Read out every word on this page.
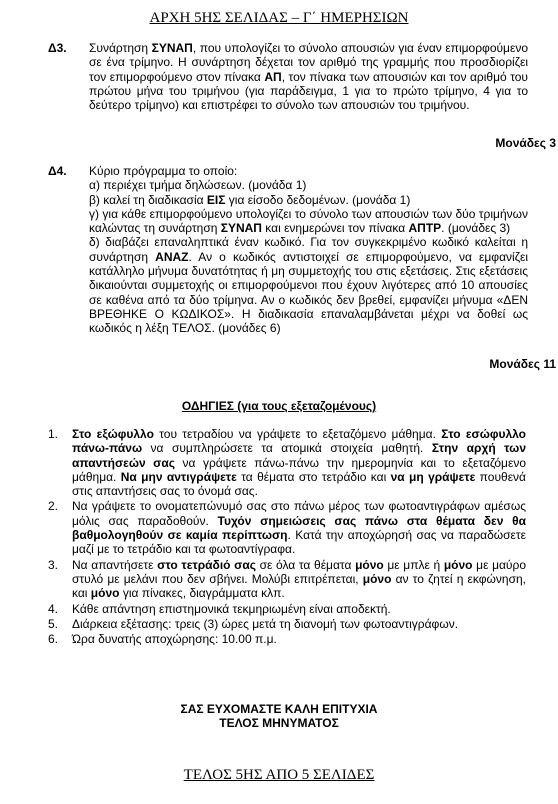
ΑΡΧΗ 5ΗΣ ΣΕΛΙΔΑΣ – Γ΄ ΗΜΕΡΗΣΙΩΝ
Δ3. Συνάρτηση ΣΥΝΑΠ, που υπολογίζει το σύνολο απουσιών για έναν επιμορφούμενο σε ένα τρίμηνο. Η συνάρτηση δέχεται τον αριθμό της γραμμής που προσδιορίζει τον επιμορφούμενο στον πίνακα ΑΠ, τον πίνακα των απουσιών και τον αριθμό του πρώτου μήνα του τριμήνου (για παράδειγμα, 1 για το πρώτο τρίμηνο, 4 για το δεύτερο τρίμηνο) και επιστρέφει το σύνολο των απουσιών του τριμήνου.

Μονάδες 3
Δ4. Κύριο πρόγραμμα το οποίο:

α) περιέχει τμήμα δηλώσεων. (μονάδα 1)

β) καλεί τη διαδικασία ΕΙΣ για είσοδο δεδομένων. (μονάδα 1)

γ) για κάθε επιμορφούμενο υπολογίζει το σύνολο των απουσιών των δύο τριμήνων καλώντας τη συνάρτηση ΣΥΝΑΠ και ενημερώνει τον πίνακα ΑΠΤΡ. (μονάδες 3)

δ) διαβάζει επαναληπτικά έναν κωδικό. Για τον συγκεκριμένο κωδικό καλείται η συνάρτηση ΑΝΑΖ. Αν ο κωδικός αντιστοιχεί σε επιμορφούμενο, να εμφανίζει κατάλληλο μήνυμα δυνατότητας ή μη συμμετοχής του στις εξετάσεις. Στις εξετάσεις δικαιούνται συμμετοχής οι επιμορφούμενοι που έχουν λιγότερες από 10 απουσίες σε καθένα από τα δύο τρίμηνα. Αν ο κωδικός δεν βρεθεί, εμφανίζει μήνυμα «ΔΕΝ ΒΡΕΘΗΚΕ Ο ΚΩΔΙΚΟΣ». Η διαδικασία επαναλαμβάνεται μέχρι να δοθεί ως κωδικός η λέξη ΤΕΛΟΣ. (μονάδες 6)

Μονάδες 11
ΟΔΗΓΙΕΣ (για τους εξεταζομένους)
1. Στο εξώφυλλο του τετραδίου να γράψετε το εξεταζόμενο μάθημα. Στο εσώφυλλο πάνω-πάνω να συμπληρώσετε τα ατομικά στοιχεία μαθητή. Στην αρχή των απαντήσεών σας να γράψετε πάνω-πάνω την ημερομηνία και το εξεταζόμενο μάθημα. Να μην αντιγράψετε τα θέματα στο τετράδιο και να μη γράψετε πουθενά στις απαντήσεις σας το όνομά σας.

2. Να γράψετε το ονοματεπώνυμό σας στο πάνω μέρος των φωτοαντιγράφων αμέσως μόλις σας παραδοθούν. Τυχόν σημειώσεις σας πάνω στα θέματα δεν θα βαθμολογηθούν σε καμία περίπτωση. Κατά την αποχώρησή σας να παραδώσετε μαζί με το τετράδιο και τα φωτοαντίγραφα.

3. Να απαντήσετε στο τετράδιό σας σε όλα τα θέματα μόνο με μπλε ή μόνο με μαύρο στυλό με μελάνι που δεν σβήνει. Μολύβι επιτρέπεται, μόνο αν το ζητεί η εκφώνηση, και μόνο για πίνακες, διαγράμματα κλπ.

4. Κάθε απάντηση επιστημονικά τεκμηριωμένη είναι αποδεκτή.

5. Διάρκεια εξέτασης: τρεις (3) ώρες μετά τη διανομή των φωτοαντιγράφων.

6. Ώρα δυνατής αποχώρησης: 10.00 π.μ.

ΣΑΣ ΕΥΧΟΜΑΣΤΕ ΚΑΛΗ ΕΠΙΤΥΧΙΑ
ΤΕΛΟΣ ΜΗΝΥΜΑΤΟΣ
ΤΕΛΟΣ 5ΗΣ ΑΠΟ 5 ΣΕΛΙΔΕΣ
